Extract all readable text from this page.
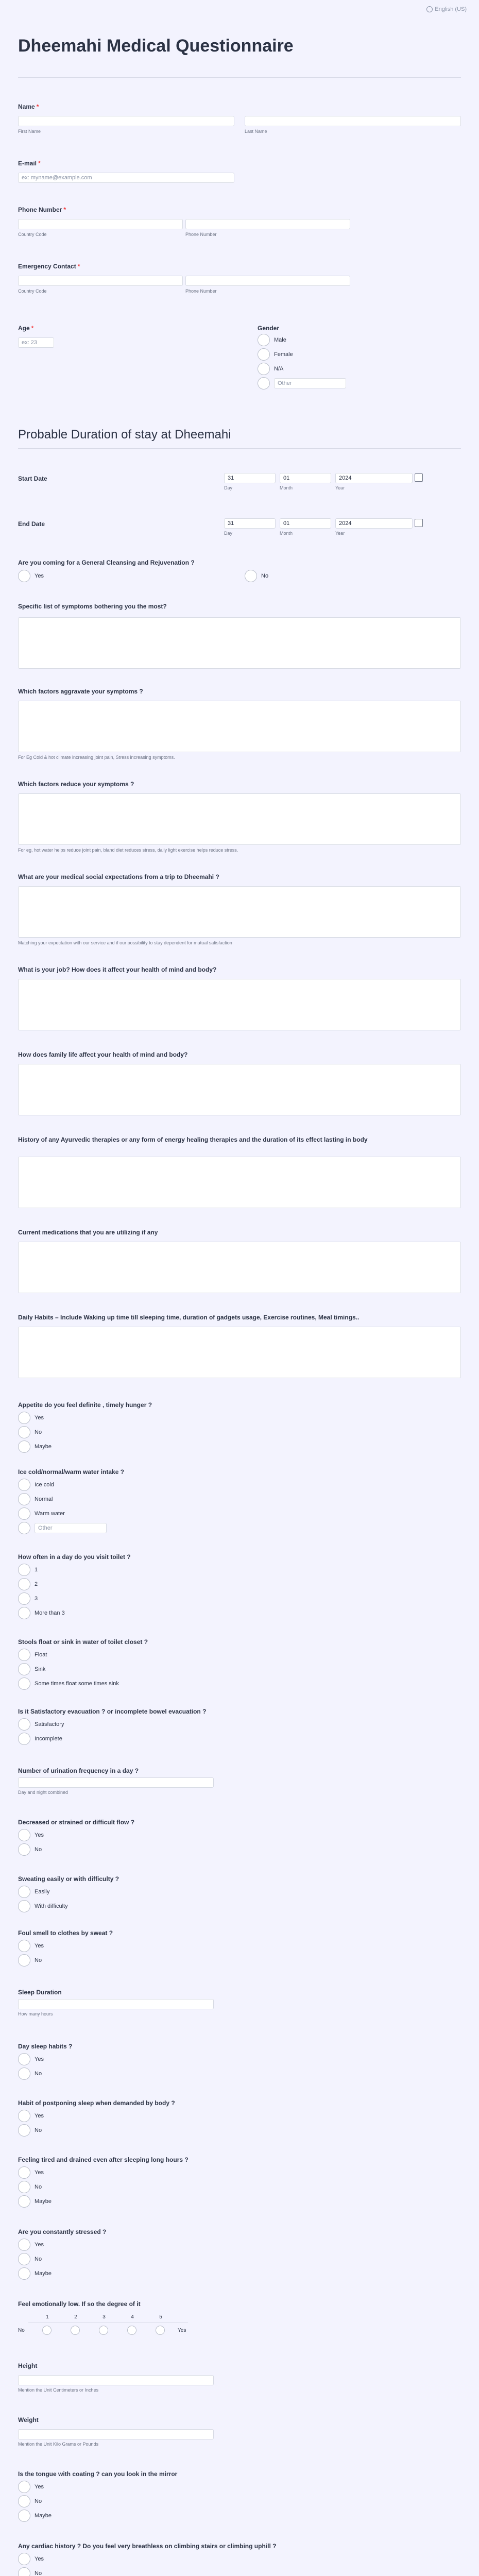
English (US)
Dheemahi Medical Questionnaire
Name *
First Name	Last Name
E-mail *
ex: myname@example.com
Phone Number *
Country Code	Phone Number
Emergency Contact *
Country Code	Phone Number
Age *
ex: 23
Gender
Male
Female
N/A
Other
Probable Duration of stay at Dheemahi
Start Date	31
Day
01
Month
2024
Year
End Date	31
Day
01
Month
2024
Year
Are you coming for a General Cleansing and Rejuvenation ?
Yes	No
Specific list of symptoms bothering you the most?
Which factors aggravate your symptoms ?
For Eg Cold & hot climate increasing joint pain, Stress increasing symptoms.
Which factors reduce your symptoms ?
For eg, hot water helps reduce joint pain, bland diet reduces stress, daily light exercise helps reduce stress.
What are your medical social expectations from a trip to Dheemahi ?
Matching your expectation with our service and if our possibility to stay dependent for mutual satisfaction
What is your job? How does it affect your health of mind and body?
How does family life affect your health of mind and body?
History of any Ayurvedic therapies or any form of energy healing therapies and the duration of its effect lasting in body
Current medications that you are utilizing if any
Daily Habits – Include Waking up time till sleeping time, duration of gadgets usage, Exercise routines, Meal timings..
Appetite do you feel definite , timely hunger ?
Yes
No
Maybe
Ice cold/normal/warm water intake ?
Ice cold
Normal
Warm water
Other
How often in a day do you visit toilet ?
1
2
3
More than 3
Stools float or sink in water of toilet closet ?
Float
Sink
Some times float some times sink
Is it Satisfactory evacuation ? or incomplete bowel evacuation ?
Satisfactory
Incomplete
Number of urination frequency in a day ?
Day and night combined
Decreased or strained or difficult flow ?
Yes
No
Sweating easily or with difficulty ?
Easily
With difficulty
Foul smell to clothes by sweat ?
Yes
No
Sleep Duration
How many hours
Day sleep habits ?
Yes
No
Habit of postponing sleep when demanded by body ?
Yes
No
Feeling tired and drained even after sleeping long hours ?
Yes
No
Maybe
Are you constantly stressed ?
Yes
No
Maybe
Feel emotionally low. If so the degree of it
1	2	3	4	5
No	Yes
Height
Mention the Unit Centimeters or Inches
Weight
Mention the Unit Kilo Grams or Pounds
Is the tongue with coating ? can you look in the mirror
Yes
No
Maybe
Any cardiac history ? Do you feel very breathless on climbing stairs or climbing uphill ?
Yes
No
